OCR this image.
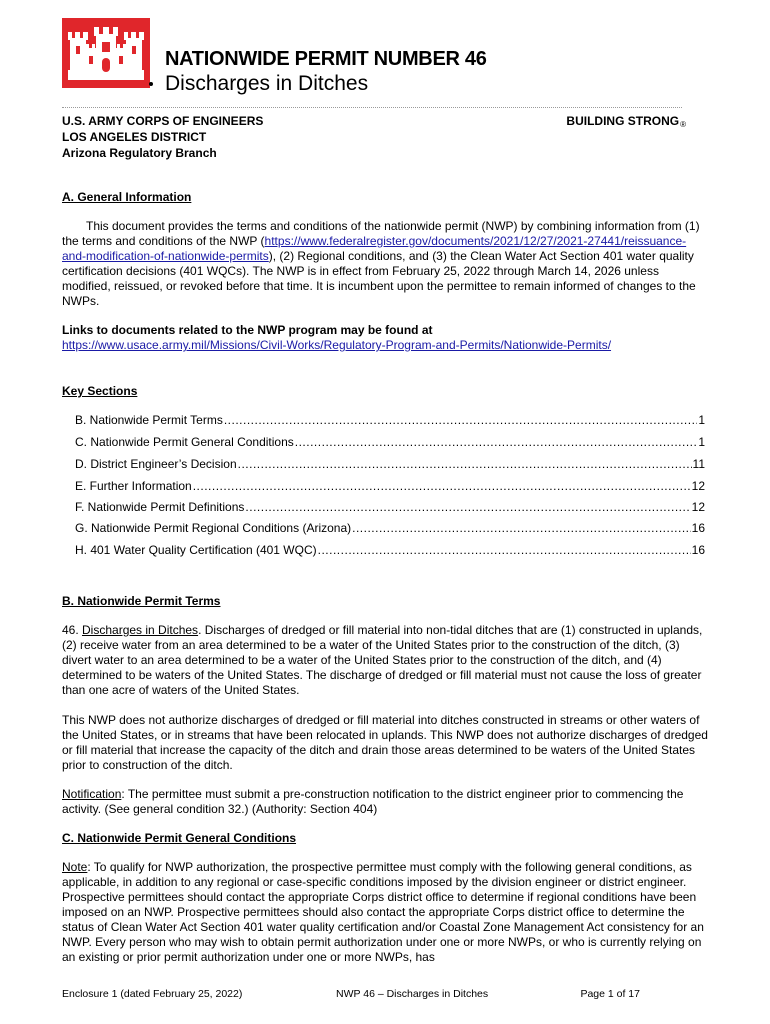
NATIONWIDE PERMIT NUMBER 46
Discharges in Ditches
U.S. ARMY CORPS OF ENGINEERS
LOS ANGELES DISTRICT
Arizona Regulatory Branch
BUILDING $STRONG_®$
A. General Information
This document provides the terms and conditions of the nationwide permit (NWP) by combining information from (1) the terms and conditions of the NWP (https://www.federalregister.gov/documents/2021/12/27/2021-27441/reissuance-and-modification-of-nationwide-permits), (2) Regional conditions, and (3) the Clean Water Act Section 401 water quality certification decisions (401 WQCs). The NWP is in effect from February 25, 2022 through March 14, 2026 unless modified, reissued, or revoked before that time. It is incumbent upon the permittee to remain informed of changes to the NWPs.
Links to documents related to the NWP program may be found at
https://www.usace.army.mil/Missions/Civil-Works/Regulatory-Program-and-Permits/Nationwide-Permits/
Key Sections
B. Nationwide Permit Terms .....	1
C. Nationwide Permit General Conditions .....	1
D. District Engineer’s Decision .....	11
E. Further Information .....	12
F. Nationwide Permit Definitions .....	12
G. Nationwide Permit Regional Conditions (Arizona) .....	16
H. 401 Water Quality Certification (401 WQC) .....	16
B. Nationwide Permit Terms
46. Discharges in Ditches. Discharges of dredged or fill material into non-tidal ditches that are (1) constructed in uplands, (2) receive water from an area determined to be a water of the United States prior to the construction of the ditch, (3) divert water to an area determined to be a water of the United States prior to the construction of the ditch, and (4) determined to be waters of the United States. The discharge of dredged or fill material must not cause the loss of greater than one acre of waters of the United States.
This NWP does not authorize discharges of dredged or fill material into ditches constructed in streams or other waters of the United States, or in streams that have been relocated in uplands. This NWP does not authorize discharges of dredged or fill material that increase the capacity of the ditch and drain those areas determined to be waters of the United States prior to construction of the ditch.
Notification: The permittee must submit a pre-construction notification to the district engineer prior to commencing the activity. (See general condition 32.) (Authority: Section 404)
C. Nationwide Permit General Conditions
Note: To qualify for NWP authorization, the prospective permittee must comply with the following general conditions, as applicable, in addition to any regional or case-specific conditions imposed by the division engineer or district engineer. Prospective permittees should contact the appropriate Corps district office to determine if regional conditions have been imposed on an NWP. Prospective permittees should also contact the appropriate Corps district office to determine the status of Clean Water Act Section 401 water quality certification and/or Coastal Zone Management Act consistency for an NWP. Every person who may wish to obtain permit authorization under one or more NWPs, or who is currently relying on an existing or prior permit authorization under one or more NWPs, has
Enclosure 1 (dated February 25, 2022)	NWP 46 – Discharges in Ditches	Page 1 of 17
